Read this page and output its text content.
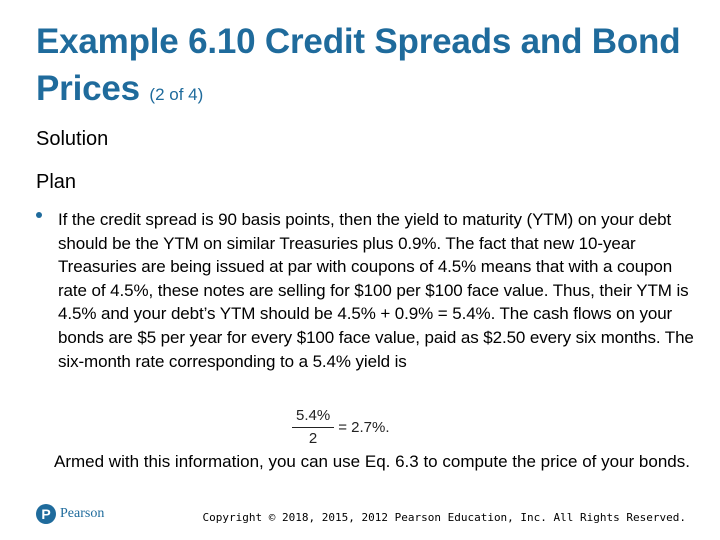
Example 6.10 Credit Spreads and Bond Prices (2 of 4)
Solution
Plan
If the credit spread is 90 basis points, then the yield to maturity (YTM) on your debt should be the YTM on similar Treasuries plus 0.9%. The fact that new 10-year Treasuries are being issued at par with coupons of 4.5% means that with a coupon rate of 4.5%, these notes are selling for $100 per $100 face value. Thus, their YTM is 4.5% and your debt’s YTM should be 4.5% + 0.9% = 5.4%. The cash flows on your bonds are $5 per year for every $100 face value, paid as $2.50 every six months. The six-month rate corresponding to a 5.4% yield is
$\frac{5.4\%}{2} = 2.7\%$.
Armed with this information, you can use Eq. 6.3 to compute the price of your bonds.
P Pearson	Copyright © 2018, 2015, 2012 Pearson Education, Inc. All Rights Reserved.
